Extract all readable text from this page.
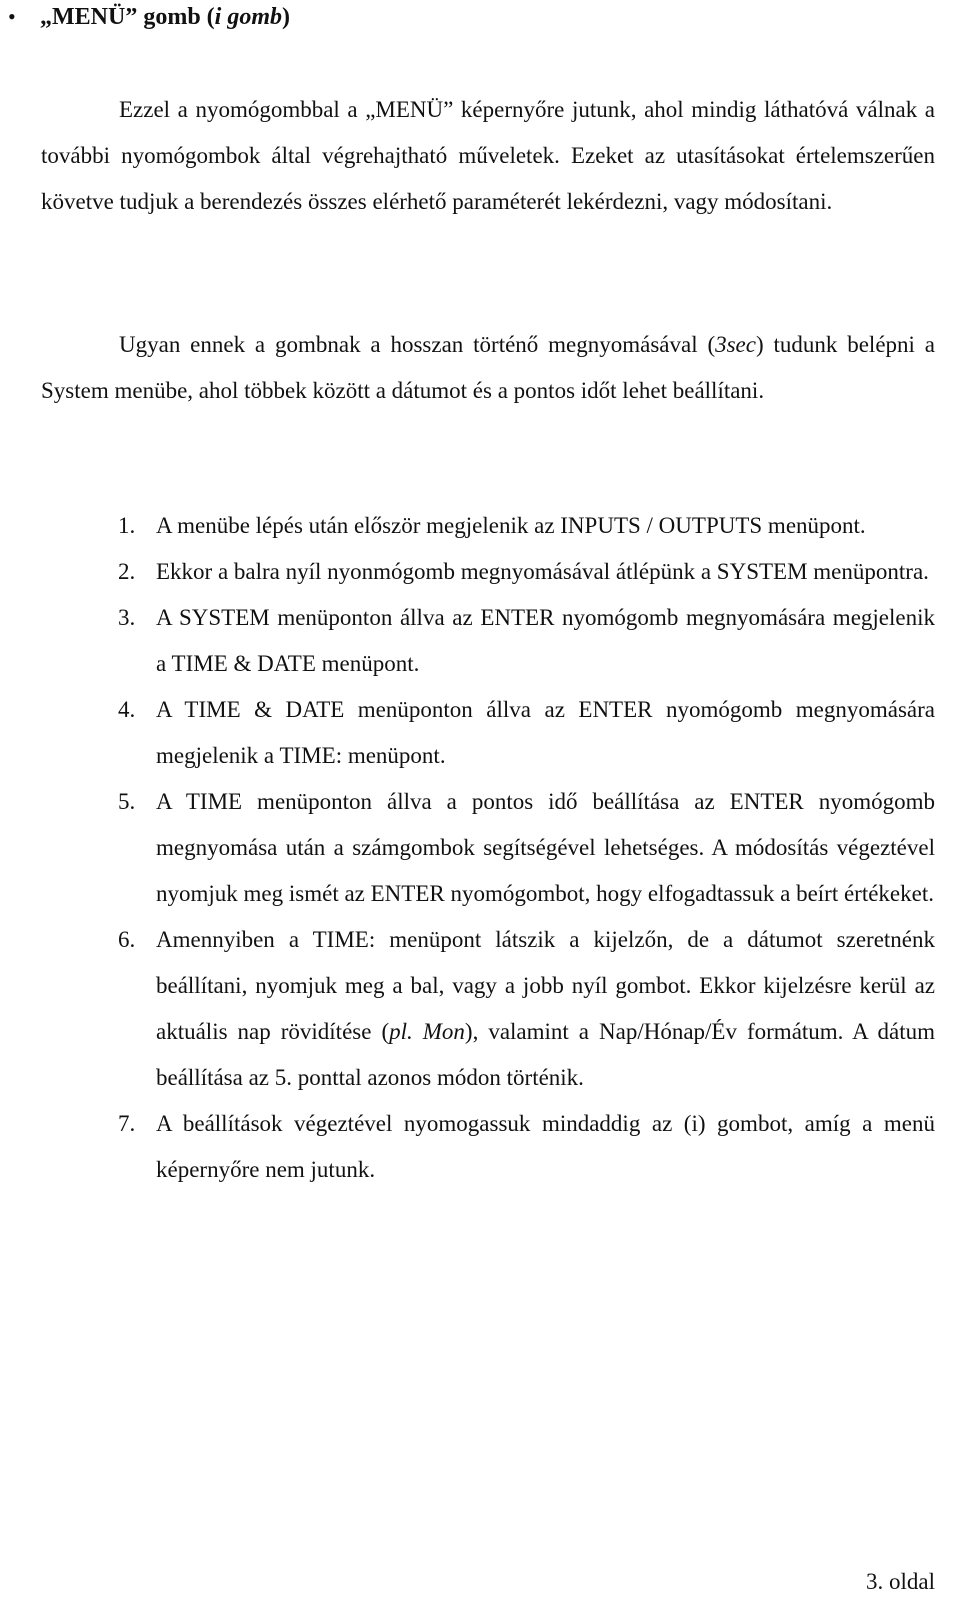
•	„MENÜ” gomb (i gomb)

Ezzel a nyomógombbal a „MENÜ” képernyőre jutunk, ahol mindig láthatóvá válnak a további nyomógombok által végrehajtható műveletek. Ezeket az utasításokat értelemszerűen követve tudjuk a berendezés összes elérhető paraméterét lekérdezni, vagy módosítani.

Ugyan ennek a gombnak a hosszan történő megnyomásával (3sec) tudunk belépni a System menübe, ahol többek között a dátumot és a pontos időt lehet beállítani.

1. A menübe lépés után először megjelenik az INPUTS / OUTPUTS menüpont.
2. Ekkor a balra nyíl nyonmógomb megnyomásával átlépünk a SYSTEM menüpontra.
3. A SYSTEM menüponton állva az ENTER nyomógomb megnyomására megjelenik a TIME & DATE menüpont.
4. A TIME & DATE menüponton állva az ENTER nyomógomb megnyomására megjelenik a TIME: menüpont.
5. A TIME menüponton állva a pontos idő beállítása az ENTER nyomógomb megnyomása után a számgombok segítségével lehetséges. A módosítás végeztével nyomjuk meg ismét az ENTER nyomógombot, hogy elfogadtassuk a beírt értékeket.
6. Amennyiben a TIME: menüpont látszik a kijelzőn, de a dátumot szeretnénk beállítani, nyomjuk meg a bal, vagy a jobb nyíl gombot. Ekkor kijelzésre kerül az aktuális nap rövidítése (pl. Mon), valamint a Nap/Hónap/Év formátum. A dátum beállítása az 5. ponttal azonos módon történik.
7. A beállítások végeztével nyomogassuk mindaddig az (i) gombot, amíg a menü képernyőre nem jutunk.
3. oldal
